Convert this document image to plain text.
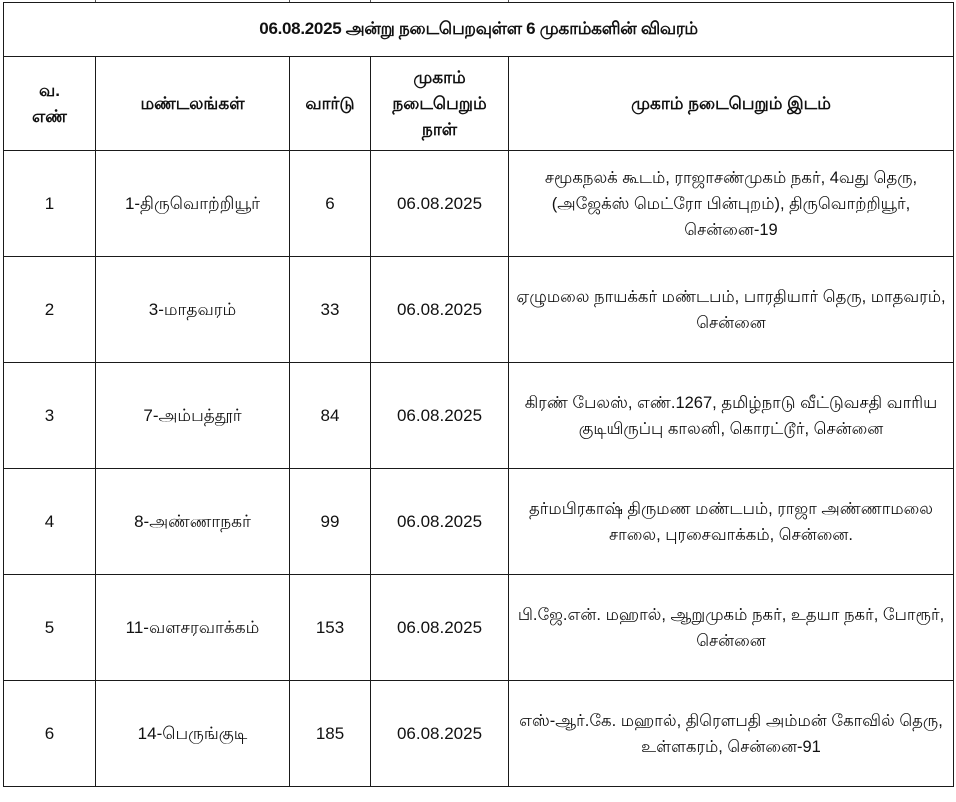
06.08.2025 அன்று நடைபெறவுள்ள 6 முகாம்களின் விவரம்				
வ. எண்	மண்டலங்கள்	வார்டு	முகாம் நடைபெறும் நாள்	முகாம் நடைபெறும் இடம்
1	1-திருவொற்றியூர்	6	06.08.2025	சமூகநலக் கூடம், ராஜாசண்முகம் நகர், 4வது தெரு, (அஜேக்ஸ் மெட்ரோ பின்புறம்), திருவொற்றியூர், சென்னை-19
2	3-மாதவரம்	33	06.08.2025	ஏழுமலை நாயக்கர் மண்டபம், பாரதியார் தெரு, மாதவரம், சென்னை
3	7-அம்பத்தூர்	84	06.08.2025	கிரண் பேலஸ், எண்.1267, தமிழ்நாடு வீட்டுவசதி வாரிய குடியிருப்பு காலனி, கொரட்டூர், சென்னை
4	8-அண்ணாநகர்	99	06.08.2025	தர்மபிரகாஷ் திருமண மண்டபம், ராஜா அண்ணாமலை சாலை, புரசைவாக்கம், சென்னை.
5	11-வளசரவாக்கம்	153	06.08.2025	பி.ஜே.என். மஹால், ஆறுமுகம் நகர், உதயா நகர், போரூர், சென்னை
6	14-பெருங்குடி	185	06.08.2025	எஸ்-ஆர்.கே. மஹால், திரௌபதி அம்மன் கோவில் தெரு, உள்ளகரம், சென்னை-91
